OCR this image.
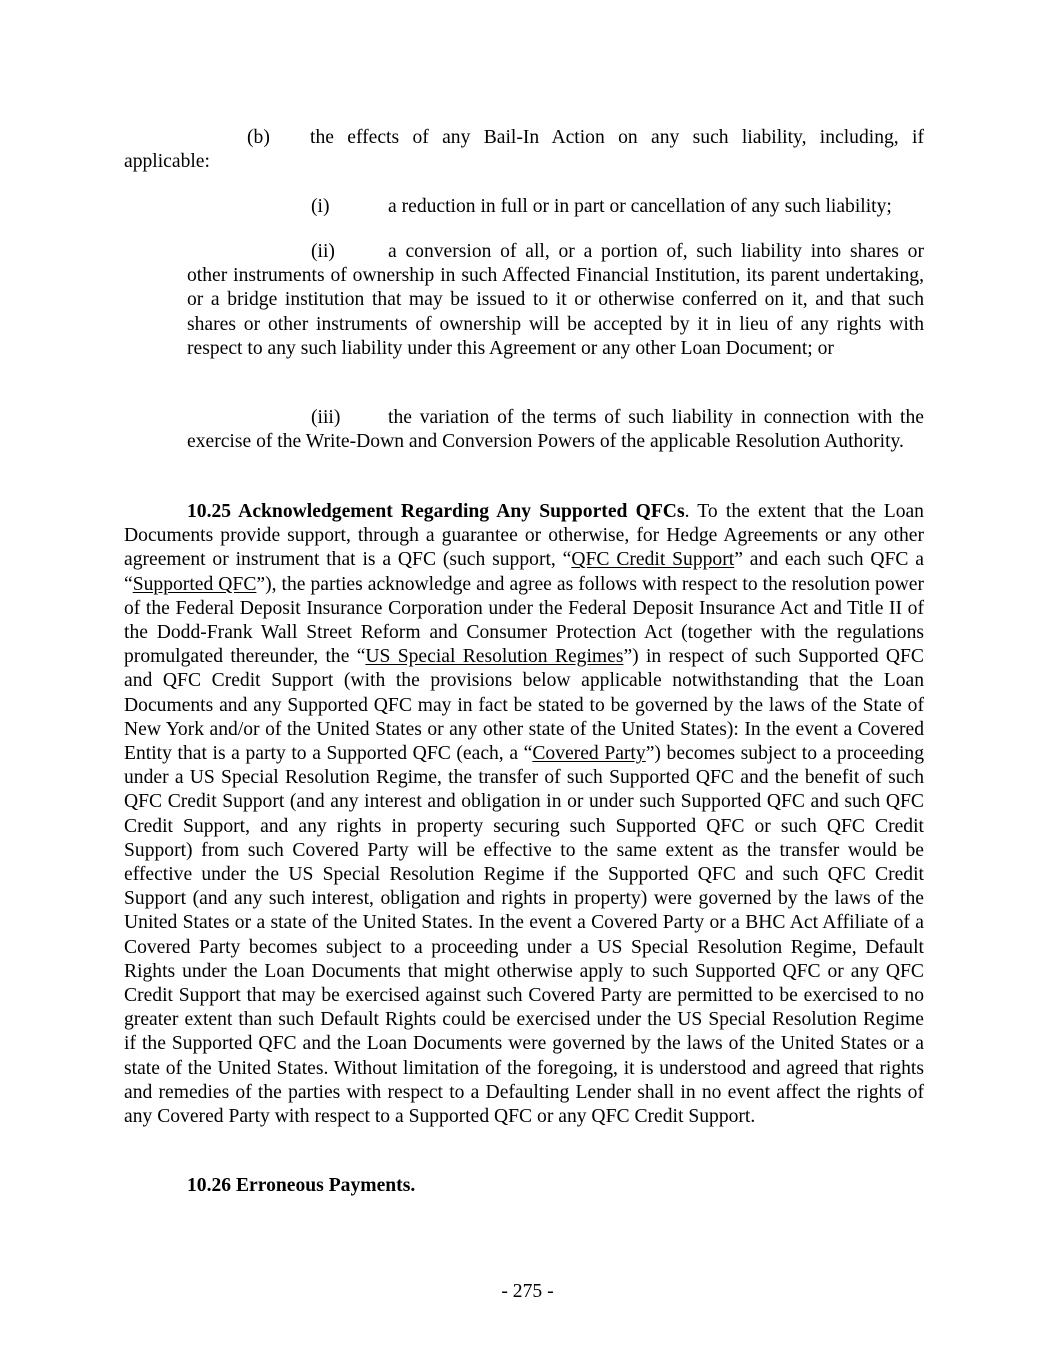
(b) the effects of any Bail-In Action on any such liability, including, if
applicable:
(i)	a reduction in full or in part or cancellation of any such liability;
(ii)	a conversion of all, or a portion of, such liability into shares or
other instruments of ownership in such Affected Financial Institution, its parent undertaking, or a bridge institution that may be issued to it or otherwise conferred on it, and that such shares or other instruments of ownership will be accepted by it in lieu of any rights with respect to any such liability under this Agreement or any other Loan Document; or
(iii) the variation of the terms of such liability in connection with the
exercise of the Write-Down and Conversion Powers of the applicable Resolution Authority.

10.25 Acknowledgement Regarding Any Supported QFCs. To the extent that the Loan Documents provide support, through a guarantee or otherwise, for Hedge Agreements or any other agreement or instrument that is a QFC (such support, “QFC Credit Support” and each such QFC a “Supported QFC”), the parties acknowledge and agree as follows with respect to the resolution power of the Federal Deposit Insurance Corporation under the Federal Deposit Insurance Act and Title II of the Dodd-Frank Wall Street Reform and Consumer Protection Act (together with the regulations promulgated thereunder, the “US Special Resolution Regimes”) in respect of such Supported QFC and QFC Credit Support (with the provisions below applicable notwithstanding that the Loan Documents and any Supported QFC may in fact be stated to be governed by the laws of the State of New York and/or of the United States or any other state of the United States): In the event a Covered Entity that is a party to a Supported QFC (each, a “Covered Party”) becomes subject to a proceeding under a US Special Resolution Regime, the transfer of such Supported QFC and the benefit of such QFC Credit Support (and any interest and obligation in or under such Supported QFC and such QFC Credit Support, and any rights in property securing such Supported QFC or such QFC Credit Support) from such Covered Party will be effective to the same extent as the transfer would be effective under the US Special Resolution Regime if the Supported QFC and such QFC Credit Support (and any such interest, obligation and rights in property) were governed by the laws of the United States or a state of the United States. In the event a Covered Party or a BHC Act Affiliate of a Covered Party becomes subject to a proceeding under a US Special Resolution Regime, Default Rights under the Loan Documents that might otherwise apply to such Supported QFC or any QFC Credit Support that may be exercised against such Covered Party are permitted to be exercised to no greater extent than such Default Rights could be exercised under the US Special Resolution Regime if the Supported QFC and the Loan Documents were governed by the laws of the United States or a state of the United States. Without limitation of the foregoing, it is understood and agreed that rights and remedies of the parties with respect to a Defaulting Lender shall in no event affect the rights of any Covered Party with respect to a Supported QFC or any QFC Credit Support.

10.26 Erroneous Payments.
- 275 -
